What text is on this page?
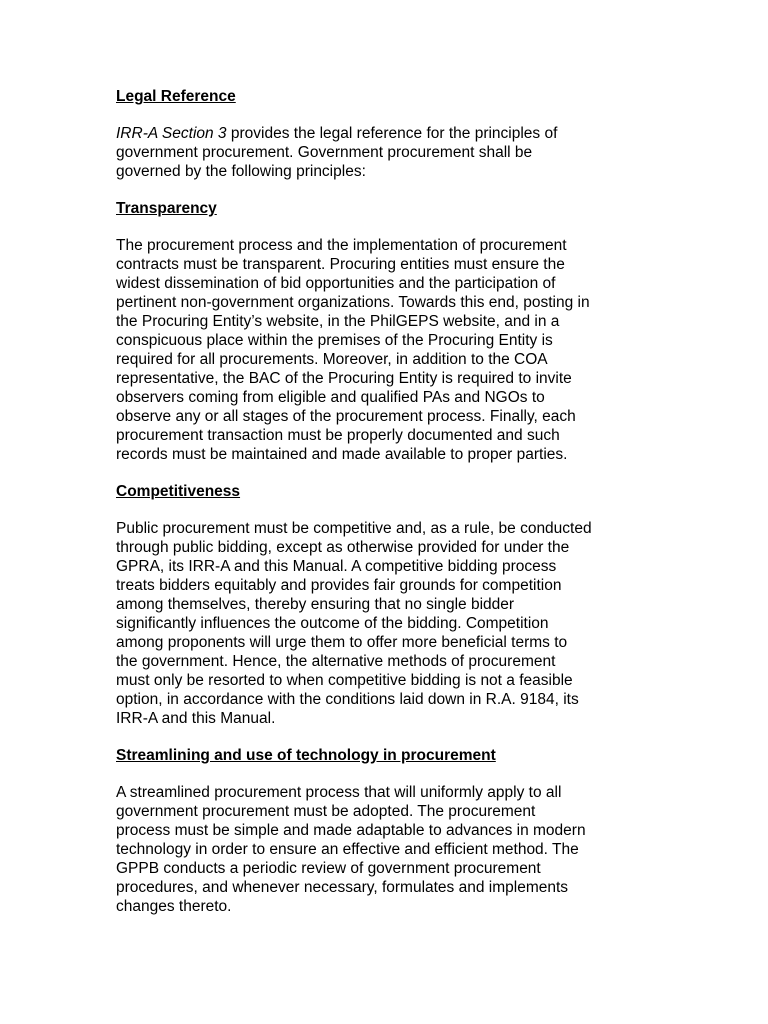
Legal Reference
IRR-A Section 3 provides the legal reference for the principles of
government procurement. Government procurement shall be
governed by the following principles:
Transparency
The procurement process and the implementation of procurement
contracts must be transparent. Procuring entities must ensure the
widest dissemination of bid opportunities and the participation of
pertinent non-government organizations. Towards this end, posting in
the Procuring Entity’s website, in the PhilGEPS website, and in a
conspicuous place within the premises of the Procuring Entity is
required for all procurements. Moreover, in addition to the COA
representative, the BAC of the Procuring Entity is required to invite
observers coming from eligible and qualified PAs and NGOs to
observe any or all stages of the procurement process. Finally, each
procurement transaction must be properly documented and such
records must be maintained and made available to proper parties.
Competitiveness
Public procurement must be competitive and, as a rule, be conducted
through public bidding, except as otherwise provided for under the
GPRA, its IRR-A and this Manual. A competitive bidding process
treats bidders equitably and provides fair grounds for competition
among themselves, thereby ensuring that no single bidder
significantly influences the outcome of the bidding. Competition
among proponents will urge them to offer more beneficial terms to
the government. Hence, the alternative methods of procurement
must only be resorted to when competitive bidding is not a feasible
option, in accordance with the conditions laid down in R.A. 9184, its
IRR-A and this Manual.
Streamlining and use of technology in procurement
A streamlined procurement process that will uniformly apply to all
government procurement must be adopted. The procurement
process must be simple and made adaptable to advances in modern
technology in order to ensure an effective and efficient method. The
GPPB conducts a periodic review of government procurement
procedures, and whenever necessary, formulates and implements
changes thereto.
